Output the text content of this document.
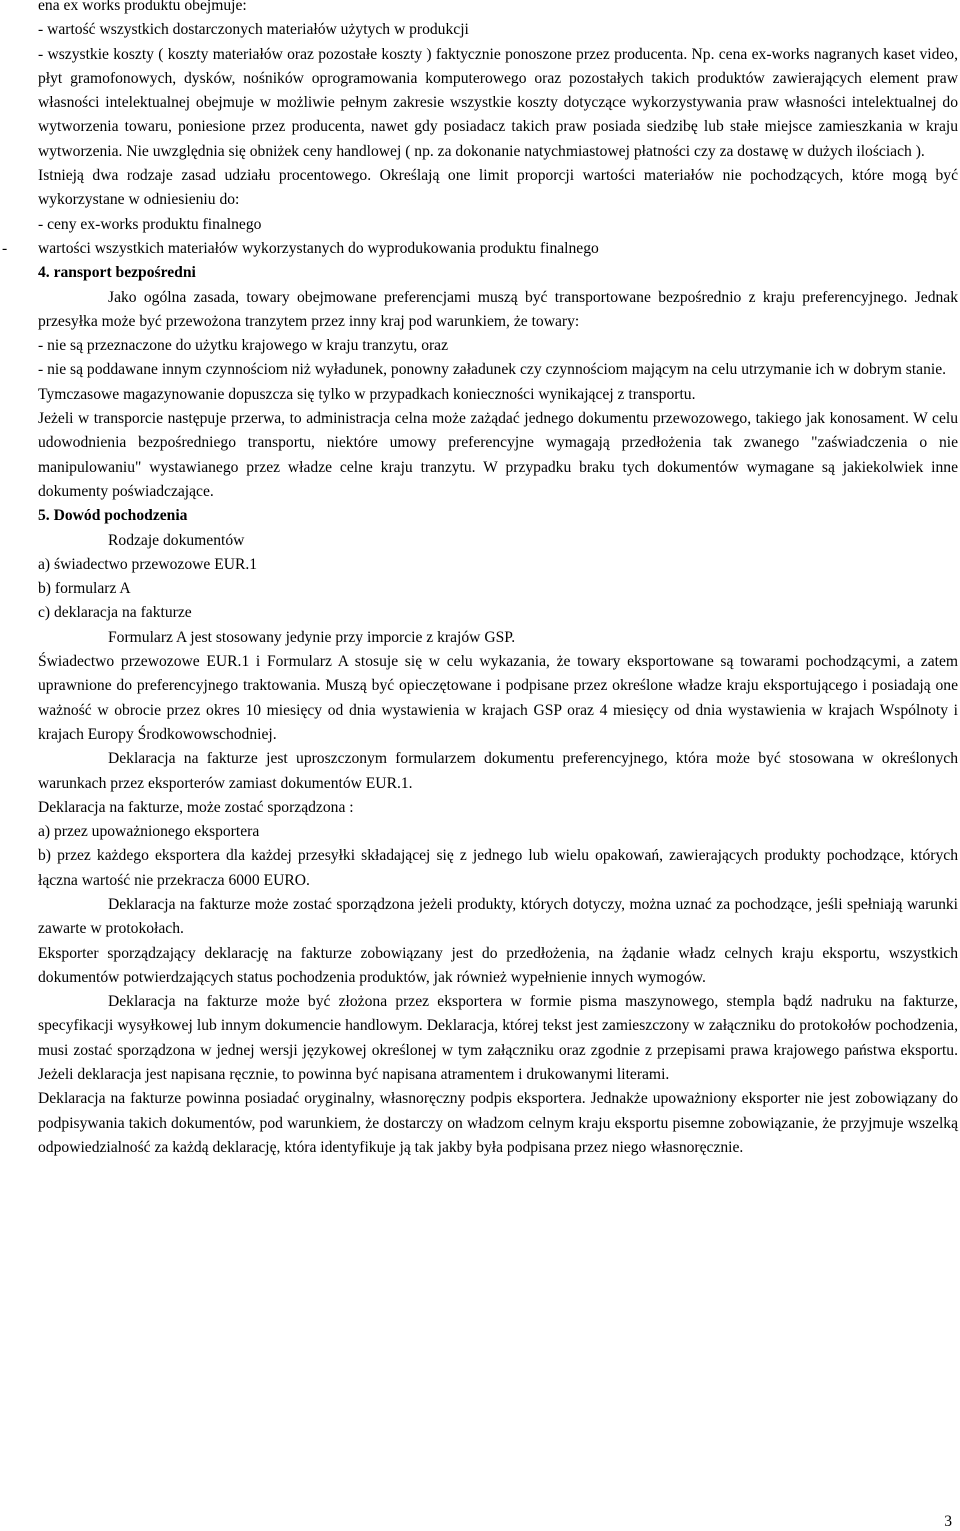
ena ex works produktu obejmuje:

- wartość wszystkich dostarczonych materiałów użytych w produkcji

- wszystkie koszty ( koszty materiałów oraz pozostałe koszty ) faktycznie ponoszone przez producenta. Np. cena ex-works nagranych kaset video, płyt gramofonowych, dysków, nośników oprogramowania komputerowego oraz pozostałych takich produktów zawierających element praw własności intelektualnej obejmuje w możliwie pełnym zakresie wszystkie koszty dotyczące wykorzystywania praw własności intelektualnej do wytworzenia towaru, poniesione przez producenta, nawet gdy posiadacz takich praw posiada siedzibę lub stałe miejsce zamieszkania w kraju wytworzenia. Nie uwzględnia się obniżek ceny handlowej ( np. za dokonanie natychmiastowej płatności czy za dostawę w dużych ilościach ).

Istnieją dwa rodzaje zasad udziału procentowego. Określają one limit proporcji wartości materiałów nie pochodzących, które mogą być wykorzystane w odniesieniu do:

- ceny ex-works produktu finalnego

- wartości wszystkich materiałów wykorzystanych do wyprodukowania produktu finalnego

4. ransport bezpośredni

Jako ogólna zasada, towary obejmowane preferencjami muszą być transportowane bezpośrednio z kraju preferencyjnego. Jednak przesyłka może być przewożona tranzytem przez inny kraj pod warunkiem, że towary:

- nie są przeznaczone do użytku krajowego w kraju tranzytu, oraz

- nie są poddawane innym czynnościom niż wyładunek, ponowny załadunek czy czynnościom mającym na celu utrzymanie ich w dobrym stanie.

Tymczasowe magazynowanie dopuszcza się tylko w przypadkach konieczności wynikającej z transportu.

Jeżeli w transporcie następuje przerwa, to administracja celna może zażądać jednego dokumentu przewozowego, takiego jak konosament. W celu udowodnienia bezpośredniego transportu, niektóre umowy preferencyjne wymagają przedłożenia tak zwanego "zaświadczenia o nie manipulowaniu" wystawianego przez władze celne kraju tranzytu. W przypadku braku tych dokumentów wymagane są jakiekolwiek inne dokumenty poświadczające.

5. Dowód pochodzenia

Rodzaje dokumentów

a) świadectwo przewozowe EUR.1

b) formularz A

c) deklaracja na fakturze

Formularz A jest stosowany jedynie przy imporcie z krajów GSP.

Świadectwo przewozowe EUR.1 i Formularz A stosuje się w celu wykazania, że towary eksportowane są towarami pochodzącymi, a zatem uprawnione do preferencyjnego traktowania. Muszą być opieczętowane i podpisane przez określone władze kraju eksportującego i posiadają one ważność w obrocie przez okres 10 miesięcy od dnia wystawienia w krajach GSP oraz 4 miesięcy od dnia wystawienia w krajach Wspólnoty i krajach Europy Środkowowschodniej.

Deklaracja na fakturze jest uproszczonym formularzem dokumentu preferencyjnego, która może być stosowana w określonych warunkach przez eksporterów zamiast dokumentów EUR.1.

Deklaracja na fakturze, może zostać sporządzona :

a) przez upoważnionego eksportera

b) przez każdego eksportera dla każdej przesyłki składającej się z jednego lub wielu opakowań, zawierających produkty pochodzące, których łączna wartość nie przekracza 6000 EURO.

Deklaracja na fakturze może zostać sporządzona jeżeli produkty, których dotyczy, można uznać za pochodzące, jeśli spełniają warunki zawarte w protokołach.

Eksporter sporządzający deklarację na fakturze zobowiązany jest do przedłożenia, na żądanie władz celnych kraju eksportu, wszystkich dokumentów potwierdzających status pochodzenia produktów, jak również wypełnienie innych wymogów.

Deklaracja na fakturze może być złożona przez eksportera w formie pisma maszynowego, stempla bądź nadruku na fakturze, specyfikacji wysyłkowej lub innym dokumencie handlowym. Deklaracja, której tekst jest zamieszczony w załączniku do protokołów pochodzenia, musi zostać sporządzona w jednej wersji językowej określonej w tym załączniku oraz zgodnie z przepisami prawa krajowego państwa eksportu. Jeżeli deklaracja jest napisana ręcznie, to powinna być napisana atramentem i drukowanymi literami.

Deklaracja na fakturze powinna posiadać oryginalny, własnoręczny podpis eksportera. Jednakże upoważniony eksporter nie jest zobowiązany do podpisywania takich dokumentów, pod warunkiem, że dostarczy on władzom celnym kraju eksportu pisemne zobowiązanie, że przyjmuje wszelką odpowiedzialność za każdą deklarację, która identyfikuje ją tak jakby była podpisana przez niego własnoręcznie.

3
